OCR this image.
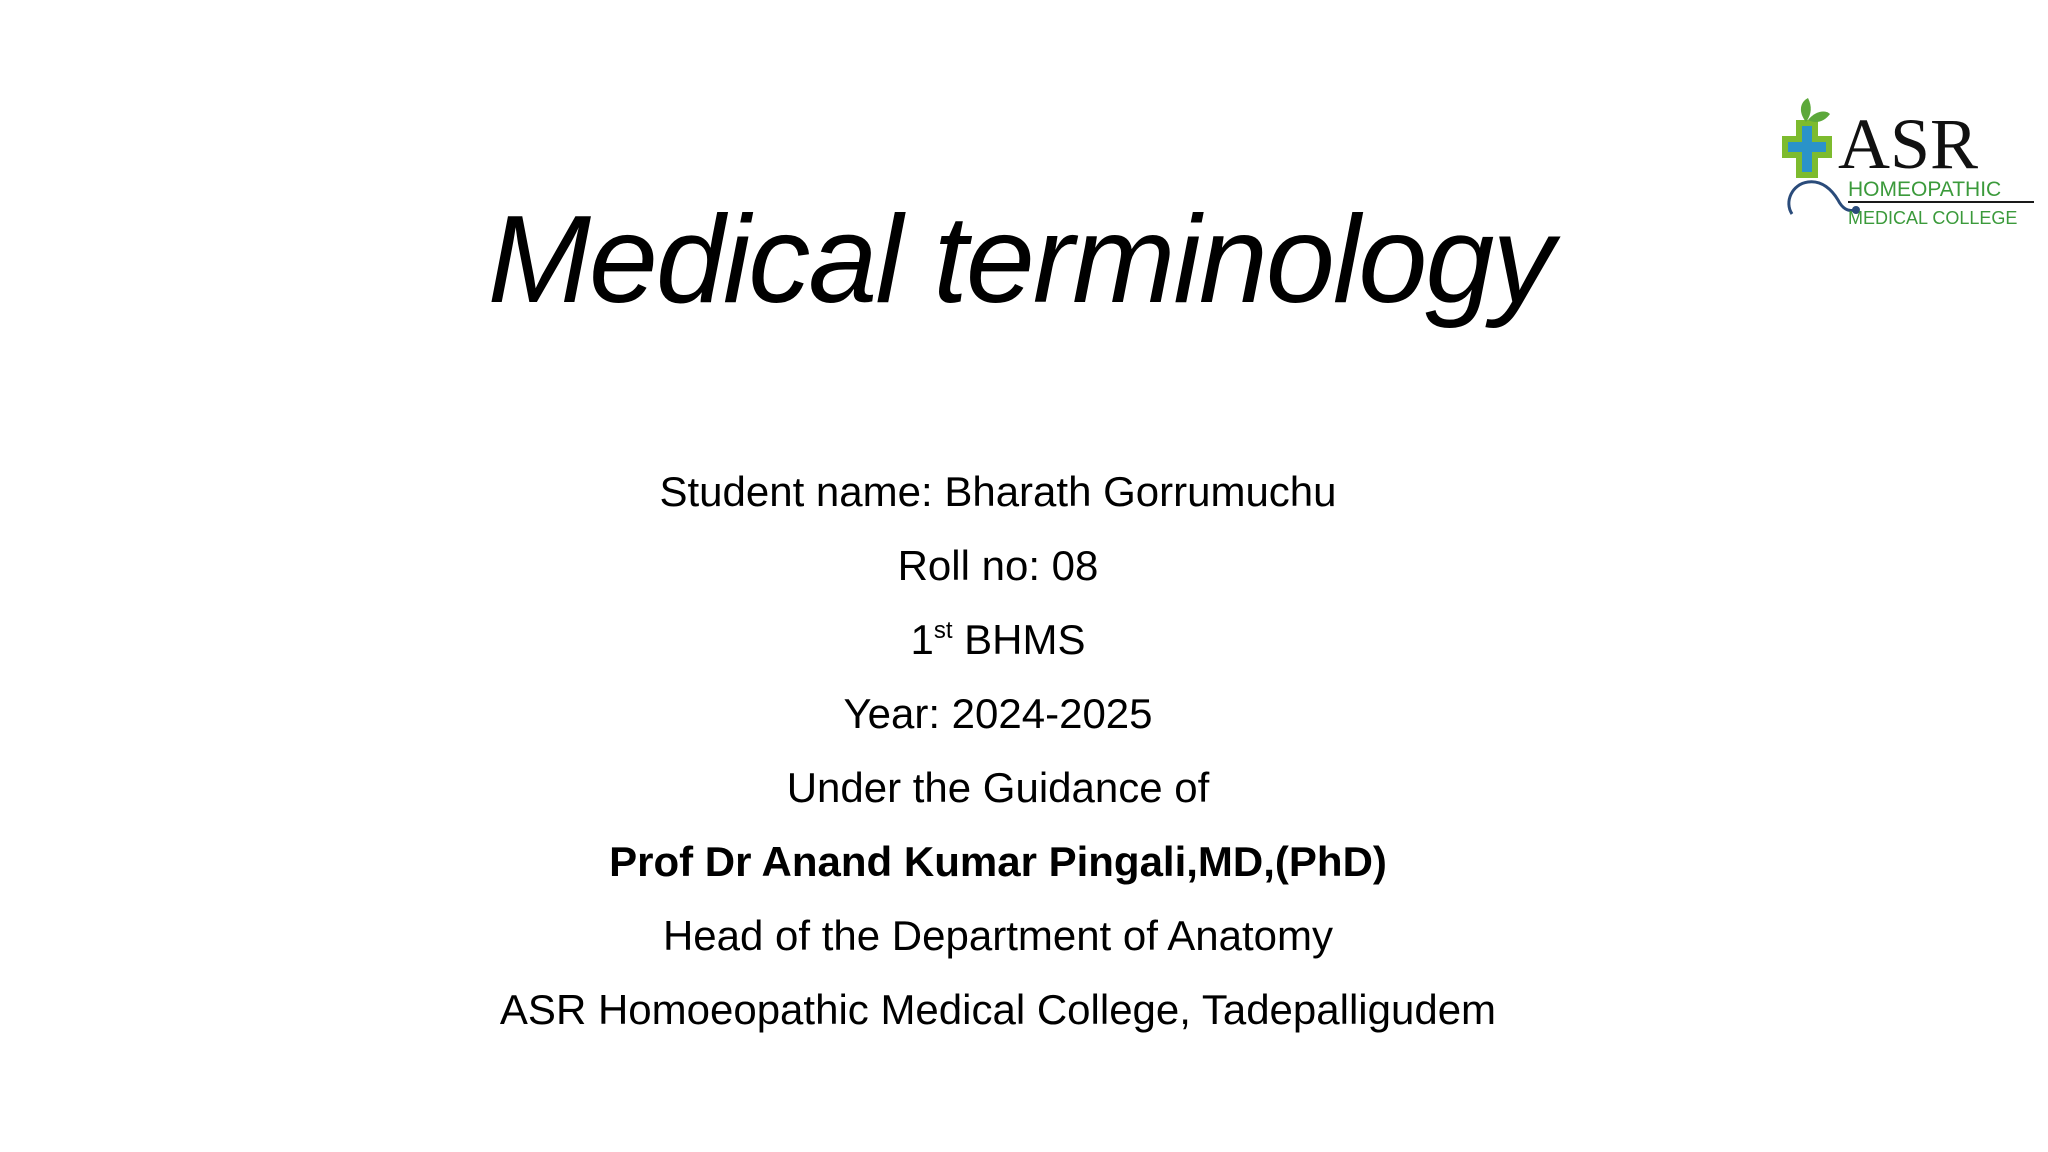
Medical terminology
Student name: Bharath Gorrumuchu
Roll no: 08
1st BHMS
Year: 2024-2025
Under the Guidance of
Prof Dr Anand Kumar Pingali,MD,(PhD)
Head of the Department of Anatomy
ASR Homoeopathic Medical College, Tadepalligudem
ASR
HOMEOPATHIC
MEDICAL COLLEGE
